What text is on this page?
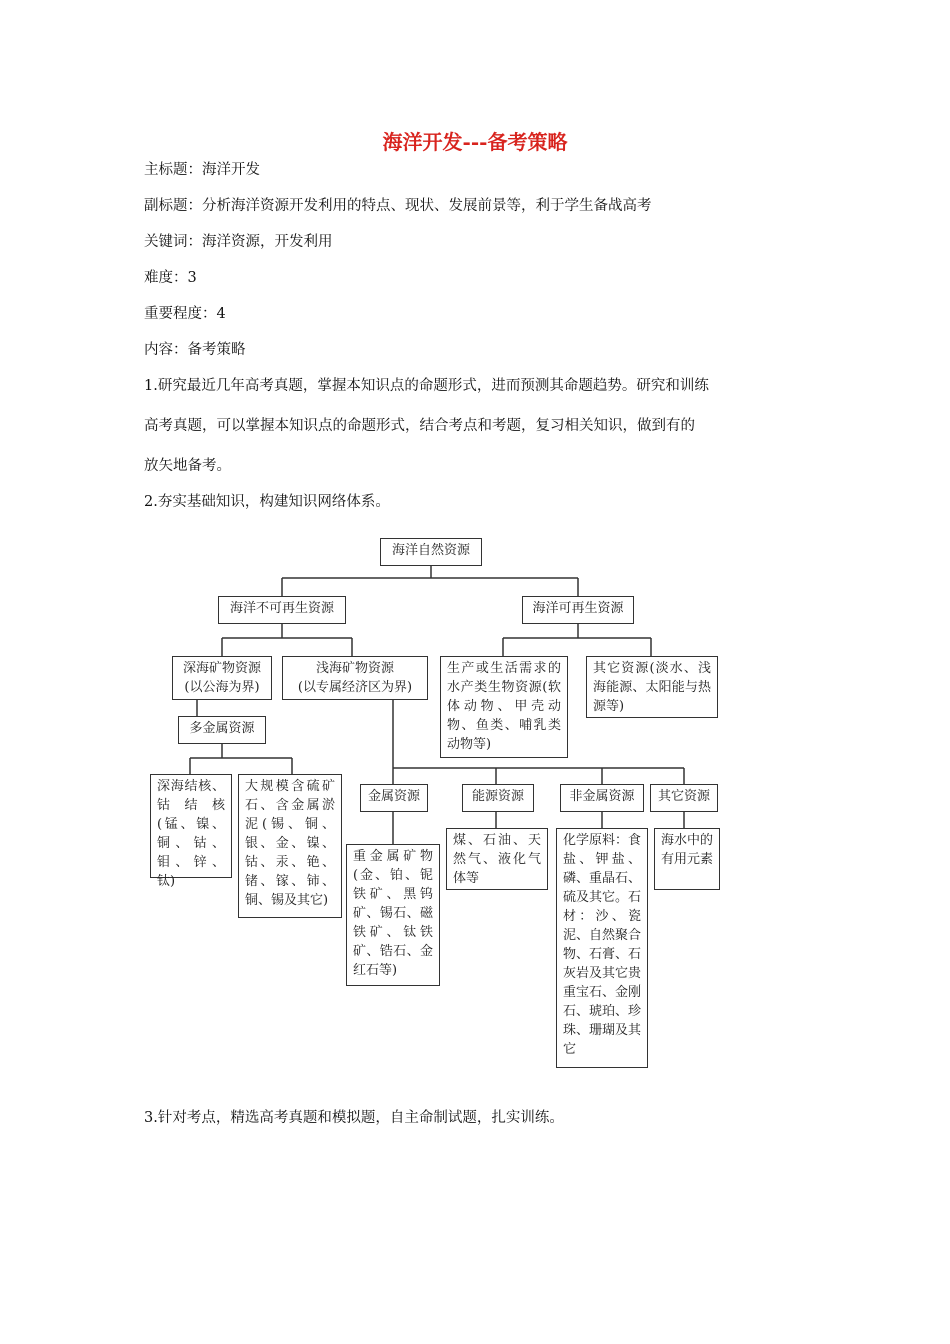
海洋开发---备考策略
主标题：海洋开发
副标题：分析海洋资源开发利用的特点、现状、发展前景等，利于学生备战高考
关键词：海洋资源，开发利用
难度：3
重要程度：4
内容：备考策略
1.研究最近几年高考真题，掌握本知识点的命题形式，进而预测其命题趋势。研究和训练
高考真题，可以掌握本知识点的命题形式，结合考点和考题，复习相关知识，做到有的
放矢地备考。
2.夯实基础知识，构建知识网络体系。
海洋自然资源
海洋不可再生资源	海洋可再生资源
深海矿物资源
(以公海为界)
浅海矿物资源
(以专属经济区为界)
生产或生活需求的水产类生物资源(软体动物、甲壳动物、鱼类、哺乳类动物等)
其它资源(淡水、浅海能源、太阳能与热源等)
多金属资源
深海结核、钴结核(锰、镍、铜、钴、钼、锌、钛)
大规模含硫矿石、含金属淤泥(锡、铜、银、金、镍、钴、汞、铯、锗、镓、铈、铜、锡及其它)
金属资源	能源资源	非金属资源	其它资源
重金属矿物(金、铂、铌铁矿、黑钨矿、锡石、磁铁矿、钛铁矿、锆石、金红石等)
煤、石油、天然气、液化气体等
化学原料：食盐、钾盐、磷、重晶石、硫及其它。石材：沙、瓷泥、自然聚合物、石膏、石灰岩及其它贵重宝石、金刚石、琥珀、珍珠、珊瑚及其它
海水中的有用元素
3.针对考点，精选高考真题和模拟题，自主命制试题，扎实训练。
